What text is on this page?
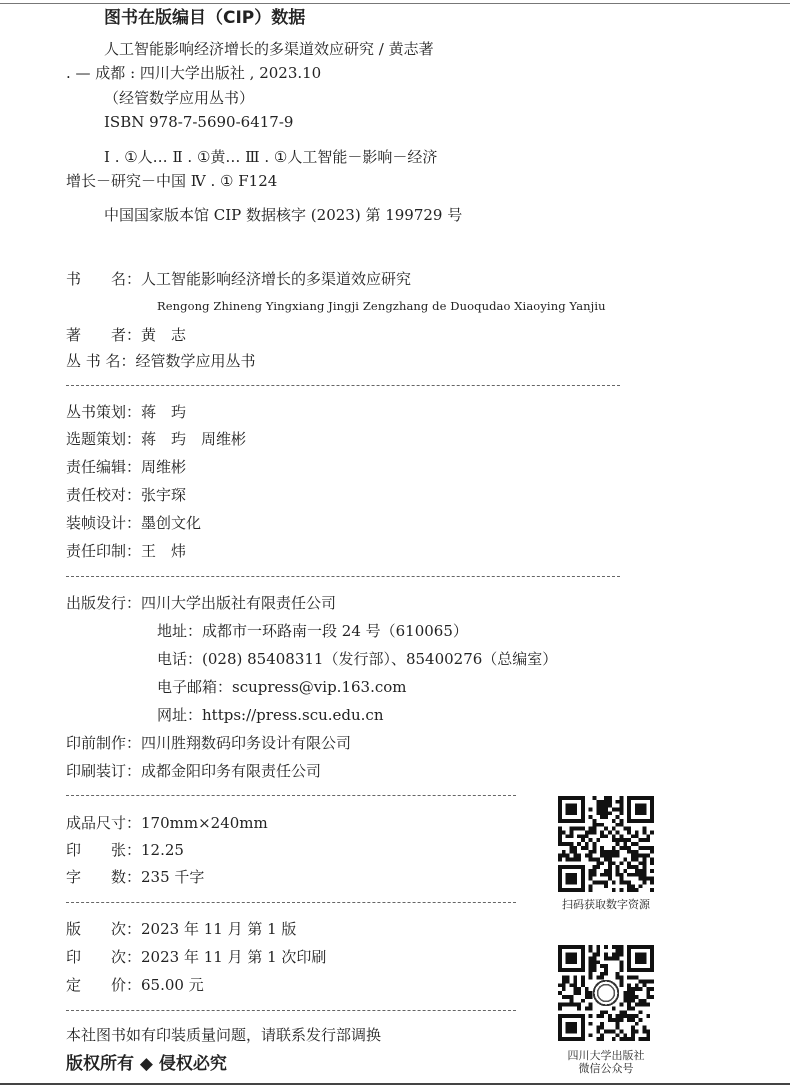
图书在版编目（CIP）数据
人工智能影响经济增长的多渠道效应研究 / 黄志著
. — 成都 : 四川大学出版社 , 2023.10
（经管数学应用丛书）
ISBN 978-7-5690-6417-9
Ⅰ . ①人… Ⅱ . ①黄… Ⅲ . ①人工智能－影响－经济
增长－研究－中国 Ⅳ . ① F124
中国国家版本馆 CIP 数据核字 (2023) 第 199729 号
书　　名：人工智能影响经济增长的多渠道效应研究
Rengong Zhineng Yingxiang Jingji Zengzhang de Duoqudao Xiaoying Yanjiu
著　　者：黄　志
丛 书 名：经管数学应用丛书
丛书策划：蒋　玙
选题策划：蒋　玙　周维彬
责任编辑：周维彬
责任校对：张宇琛
装帧设计：墨创文化
责任印制：王　炜
出版发行：四川大学出版社有限责任公司
地址：成都市一环路南一段 24 号（610065）
电话：(028) 85408311（发行部）、85400276（总编室）
电子邮箱：scupress@vip.163.com
网址：https://press.scu.edu.cn
印前制作：四川胜翔数码印务设计有限公司
印刷装订：成都金阳印务有限责任公司
成品尺寸：170mm×240mm
印　　张：12.25
字　　数：235 千字
版　　次：2023 年 11 月 第 1 版
印　　次：2023 年 11 月 第 1 次印刷
定　　价：65.00 元
本社图书如有印装质量问题，请联系发行部调换
版权所有 ◆ 侵权必究
扫码获取数字资源
四川大学出版社
微信公众号
